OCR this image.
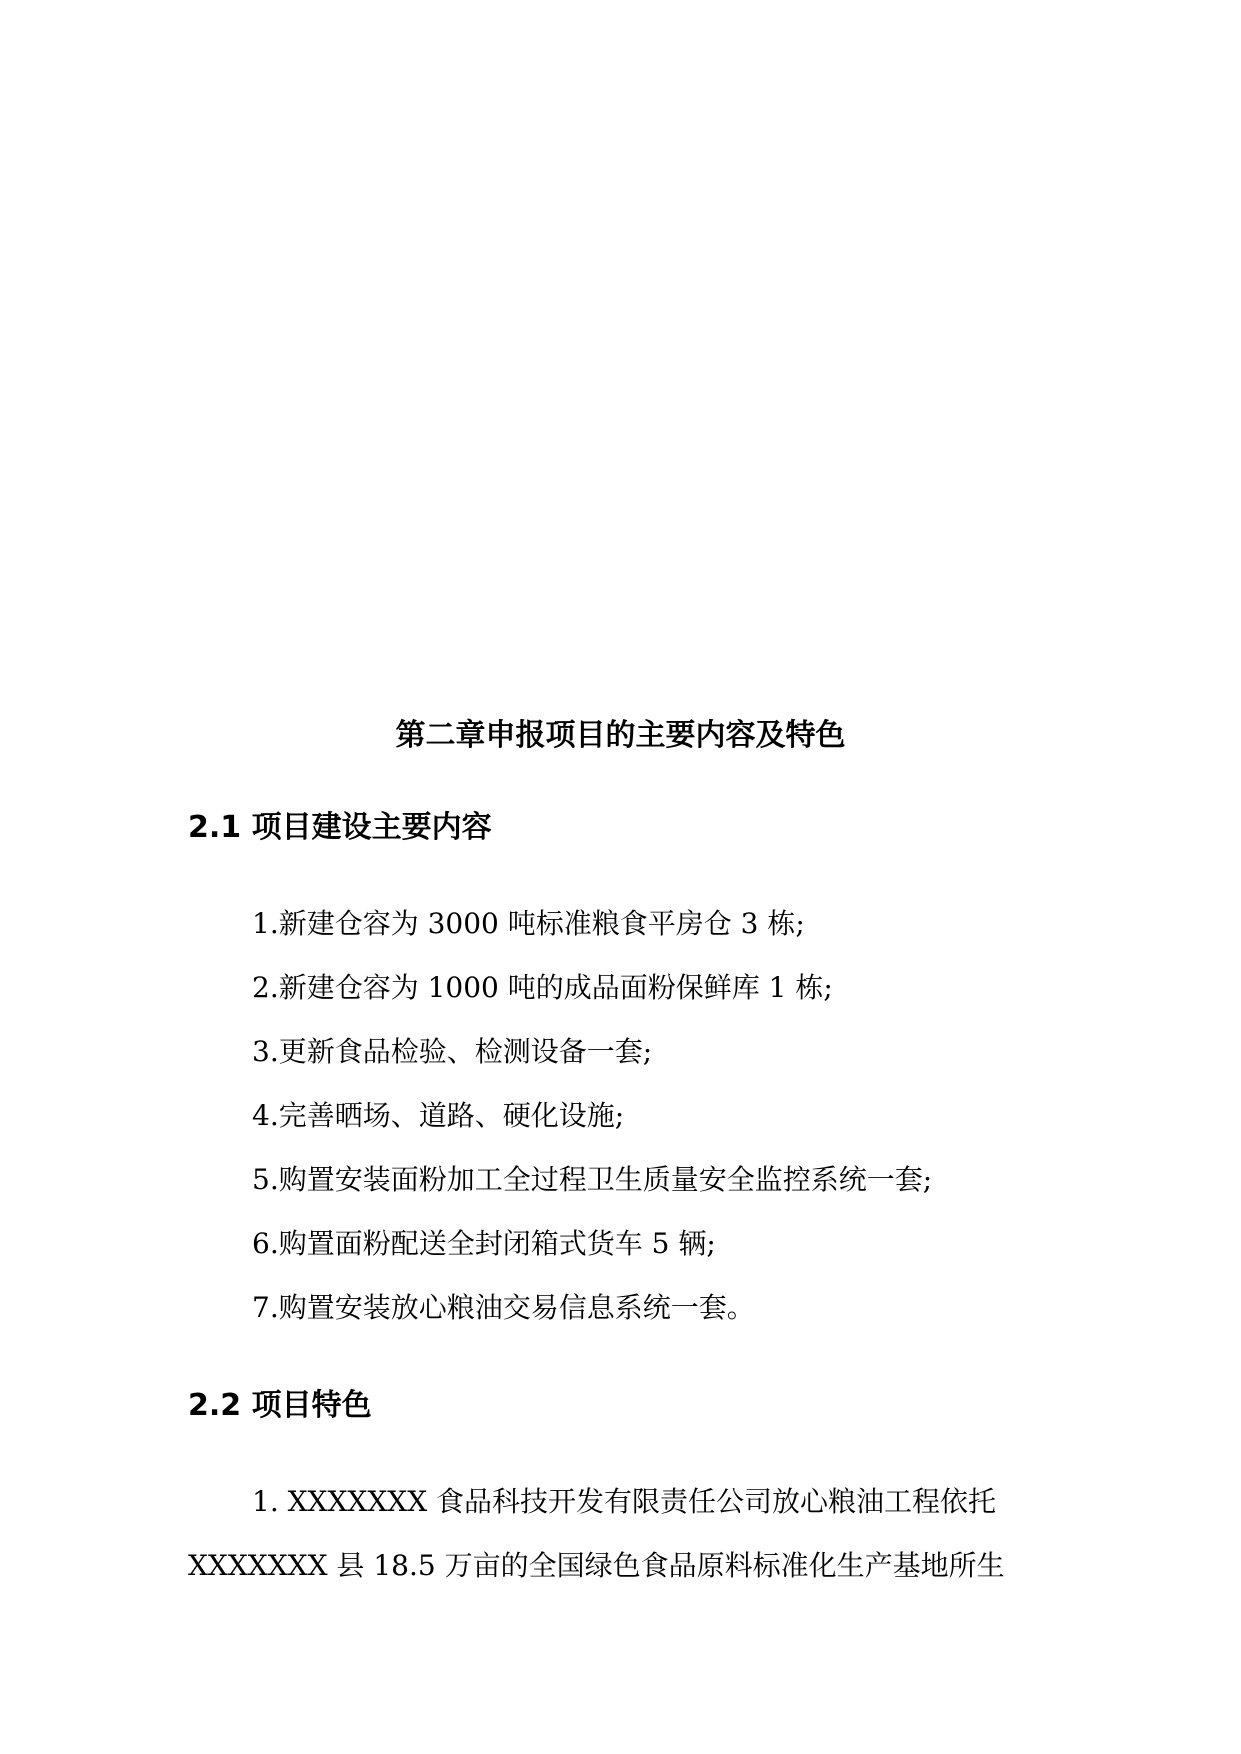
第二章申报项目的主要内容及特色
2.1 项目建设主要内容
1.新建仓容为 3000 吨标准粮食平房仓 3 栋;
2.新建仓容为 1000 吨的成品面粉保鲜库 1 栋;
3.更新食品检验、检测设备一套;
4.完善晒场、道路、硬化设施;
5.购置安装面粉加工全过程卫生质量安全监控系统一套;
6.购置面粉配送全封闭箱式货车 5 辆;
7.购置安装放心粮油交易信息系统一套。
2.2 项目特色
1. XXXXXXX 食品科技开发有限责任公司放心粮油工程依托
XXXXXXX 县 18.5 万亩的全国绿色食品原料标准化生产基地所生
